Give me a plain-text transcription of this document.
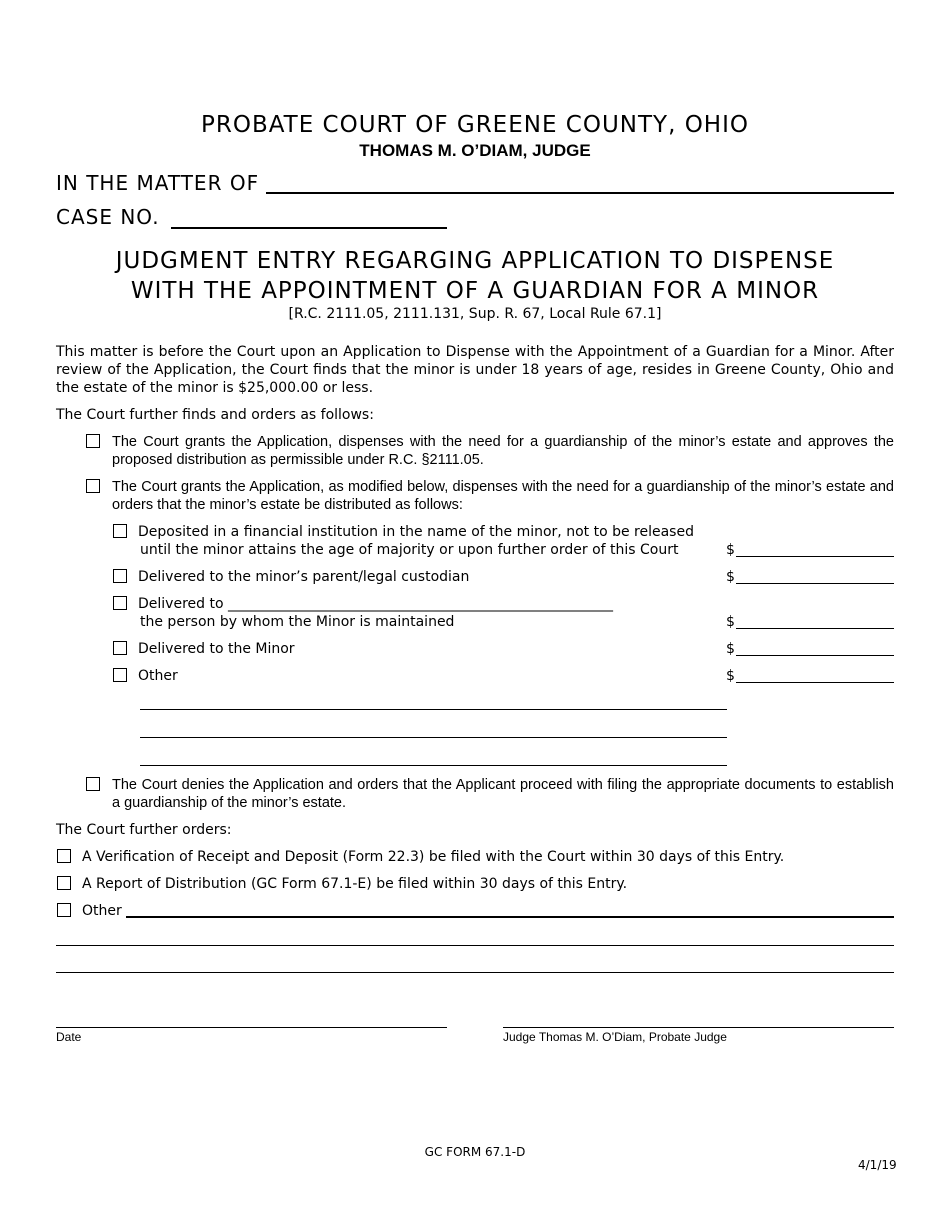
PROBATE COURT OF GREENE COUNTY, OHIO
THOMAS M. O’DIAM, JUDGE
IN THE MATTER OF
CASE NO.
JUDGMENT ENTRY REGARGING APPLICATION TO DISPENSE
WITH THE APPOINTMENT OF A GUARDIAN FOR A MINOR
[R.C. 2111.05, 2111.131, Sup. R. 67, Local Rule 67.1]
This matter is before the Court upon an Application to Dispense with the Appointment of a Guardian for a Minor. After review of the Application, the Court finds that the minor is under 18 years of age, resides in Greene County, Ohio and the estate of the minor is $25,000.00 or less.
The Court further finds and orders as follows:
The Court grants the Application, dispenses with the need for a guardianship of the minor’s estate and approves the proposed distribution as permissible under R.C. §2111.05.
The Court grants the Application, as modified below, dispenses with the need for a guardianship of the minor’s estate and orders that the minor’s estate be distributed as follows:
Deposited in a financial institution in the name of the minor, not to be released
until the minor attains the age of majority or upon further order of this Court	$
Delivered to the minor’s parent/legal custodian	$
Delivered to _______________________________________________________
the person by whom the Minor is maintained	$
Delivered to the Minor	$
Other	$
The Court denies the Application and orders that the Applicant proceed with filing the appropriate documents to establish a guardianship of the minor’s estate.
The Court further orders:
A Verification of Receipt and Deposit (Form 22.3) be filed with the Court within 30 days of this Entry.
A Report of Distribution (GC Form 67.1-E) be filed within 30 days of this Entry.
Other
Date	Judge Thomas M. O’Diam, Probate Judge
GC FORM 67.1-D
4/1/19
